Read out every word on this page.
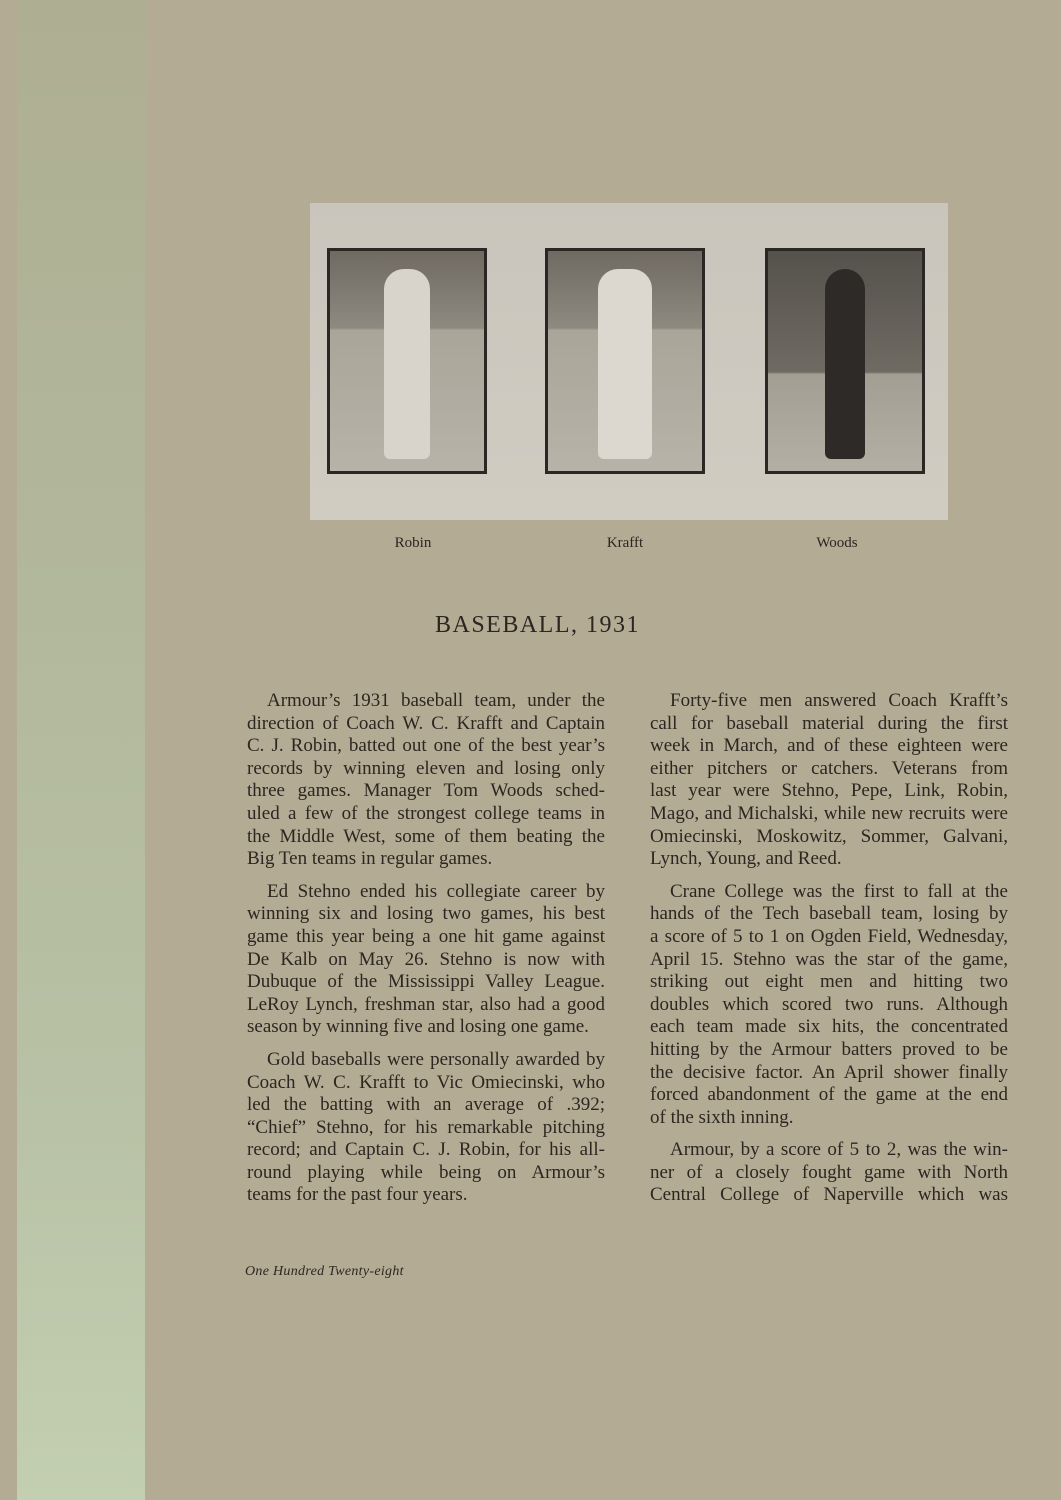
Robin	Krafft	Woods
BASEBALL, 1931
Armour’s 1931 baseball team, under the
direction of Coach W. C. Krafft and Captain
C. J. Robin, batted out one of the best year’s
records by winning eleven and losing only
three games. Manager Tom Woods sched-
uled a few of the strongest college teams in
the Middle West, some of them beating the
Big Ten teams in regular games.
Ed Stehno ended his collegiate career by
winning six and losing two games, his best
game this year being a one hit game against
De Kalb on May 26. Stehno is now with
Dubuque of the Mississippi Valley League.
LeRoy Lynch, freshman star, also had a good
season by winning five and losing one game.
Gold baseballs were personally awarded by
Coach W. C. Krafft to Vic Omiecinski, who
led the batting with an average of .392;
“Chief” Stehno, for his remarkable pitching
record; and Captain C. J. Robin, for his all-
round playing while being on Armour’s
teams for the past four years.
Forty-five men answered Coach Krafft’s
call for baseball material during the first
week in March, and of these eighteen were
either pitchers or catchers. Veterans from
last year were Stehno, Pepe, Link, Robin,
Mago, and Michalski, while new recruits were
Omiecinski, Moskowitz, Sommer, Galvani,
Lynch, Young, and Reed.
Crane College was the first to fall at the
hands of the Tech baseball team, losing by
a score of 5 to 1 on Ogden Field, Wednesday,
April 15. Stehno was the star of the game,
striking out eight men and hitting two
doubles which scored two runs. Although
each team made six hits, the concentrated
hitting by the Armour batters proved to be
the decisive factor. An April shower finally
forced abandonment of the game at the end
of the sixth inning.
Armour, by a score of 5 to 2, was the win-
ner of a closely fought game with North
Central College of Naperville which was
One Hundred Twenty-eight
